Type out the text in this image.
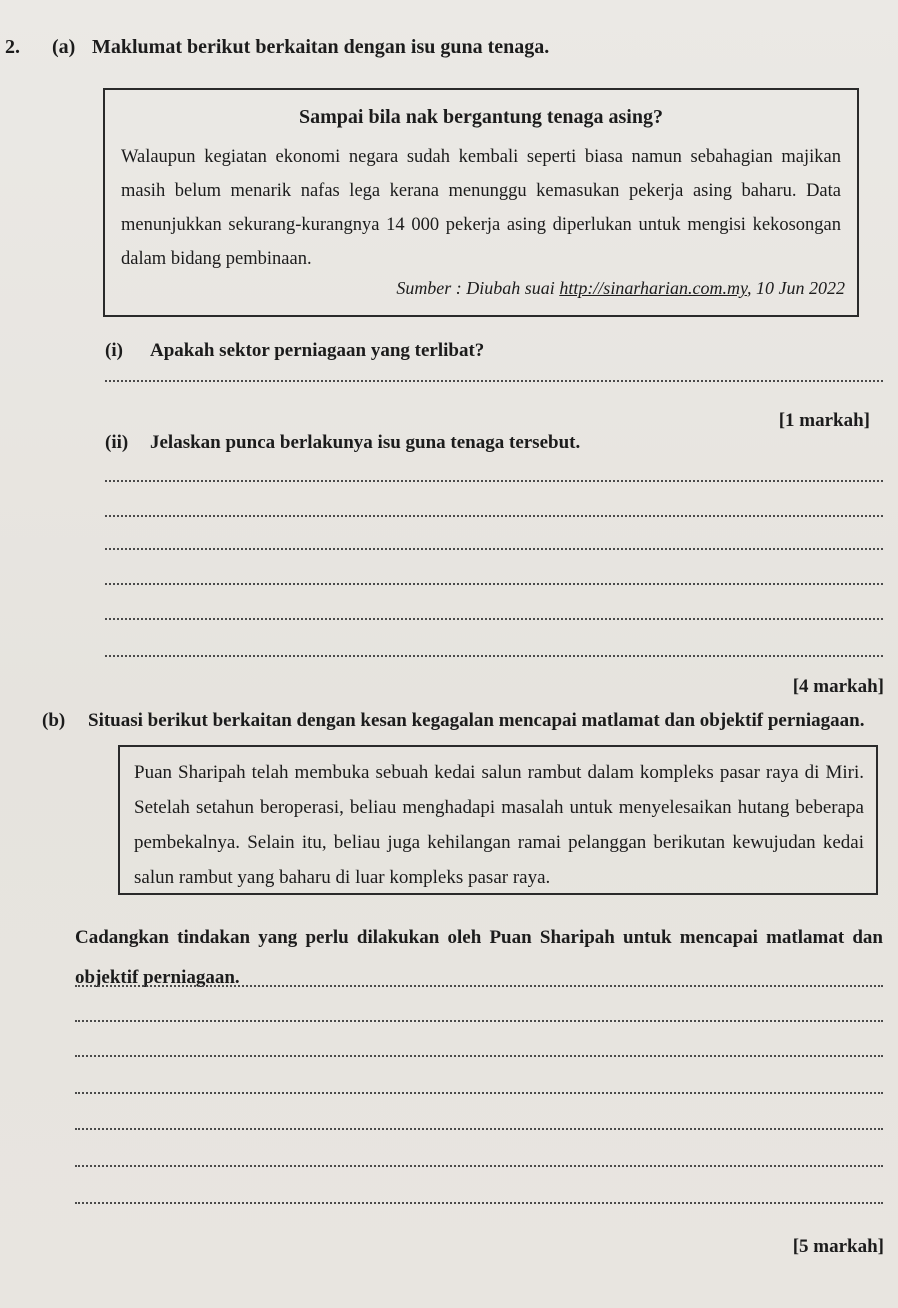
2. (a) Maklumat berikut berkaitan dengan isu guna tenaga.
Sampai bila nak bergantung tenaga asing?
Walaupun kegiatan ekonomi negara sudah kembali seperti biasa namun sebahagian majikan masih belum menarik nafas lega kerana menunggu kemasukan pekerja asing baharu. Data menunjukkan sekurang-kurangnya 14 000 pekerja asing diperlukan untuk mengisi kekosongan dalam bidang pembinaan.
Sumber : Diubah suai http://sinarharian.com.my, 10 Jun 2022
(i) Apakah sektor perniagaan yang terlibat?
[1 markah]
(ii) Jelaskan punca berlakunya isu guna tenaga tersebut.
[4 markah]
(b) Situasi berikut berkaitan dengan kesan kegagalan mencapai matlamat dan objektif perniagaan.
Puan Sharipah telah membuka sebuah kedai salun rambut dalam kompleks pasar raya di Miri. Setelah setahun beroperasi, beliau menghadapi masalah untuk menyelesaikan hutang beberapa pembekalnya. Selain itu, beliau juga kehilangan ramai pelanggan berikutan kewujudan kedai salun rambut yang baharu di luar kompleks pasar raya.
Cadangkan tindakan yang perlu dilakukan oleh Puan Sharipah untuk mencapai matlamat dan objektif perniagaan.
[5 markah]
